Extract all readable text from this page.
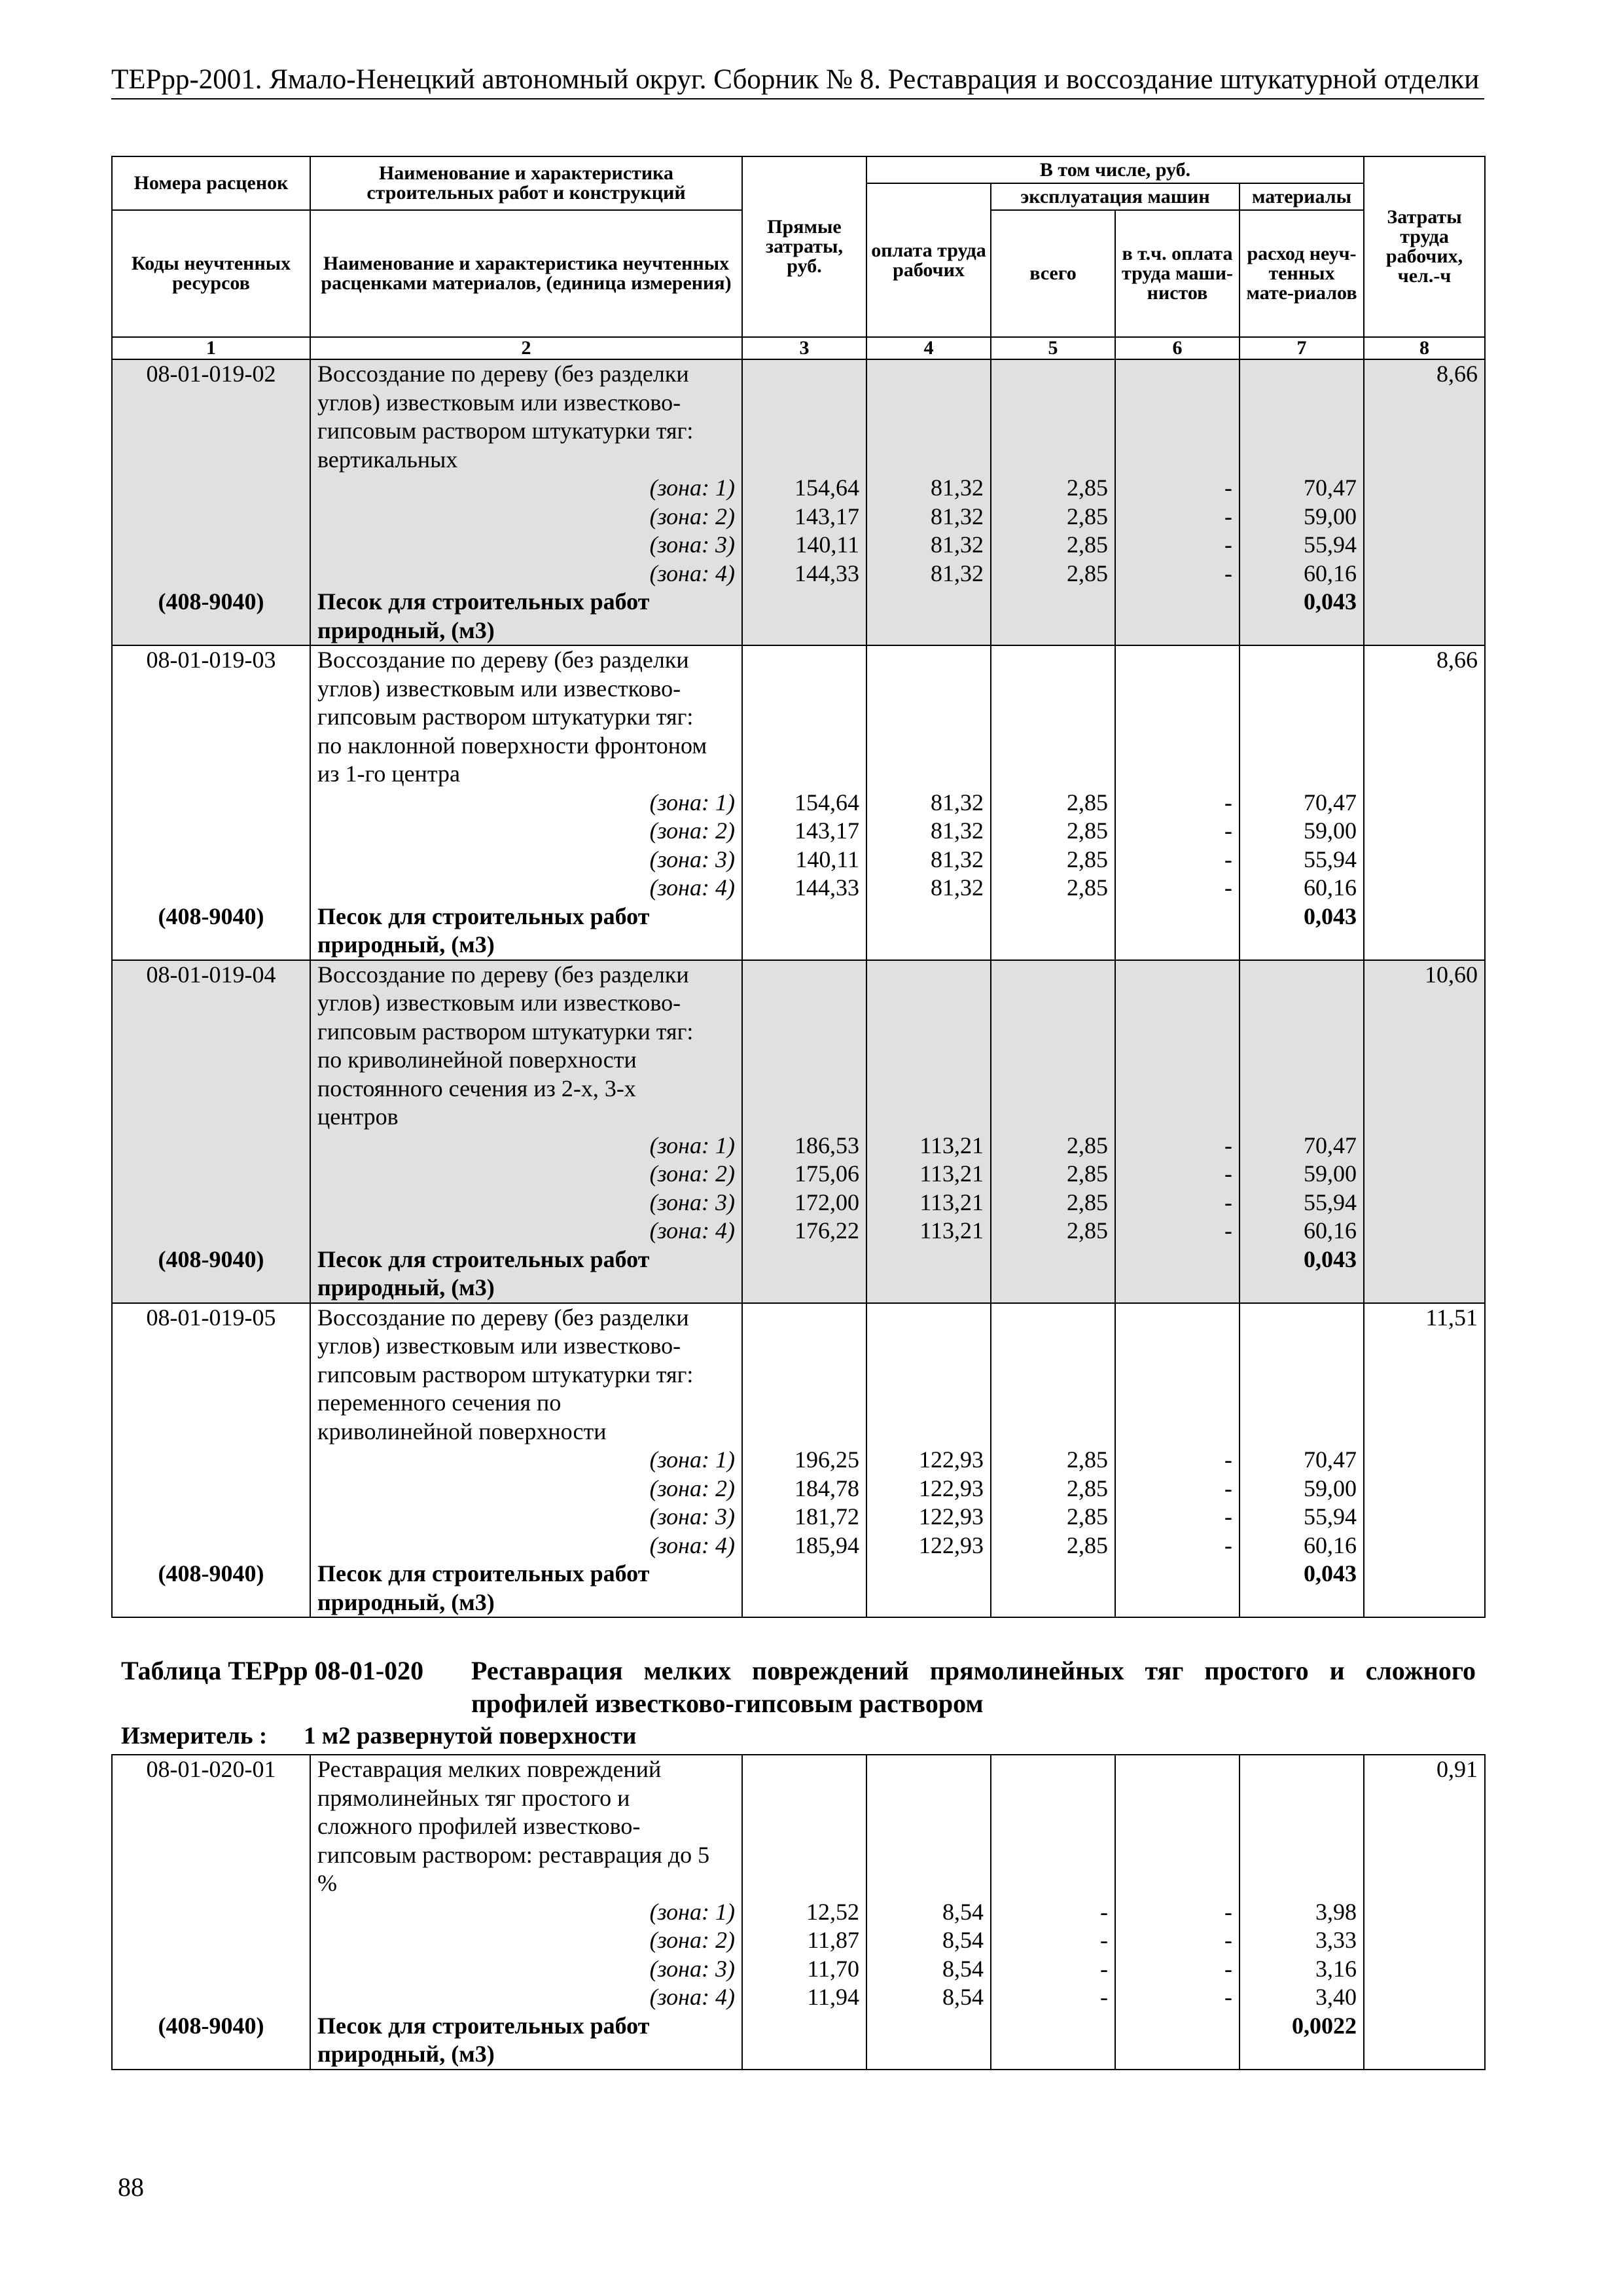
ТЕРрр-2001. Ямало-Ненецкий автономный округ. Сборник № 8. Реставрация и воссоздание штукатурной отделки
Номера расценок	Наименование и характеристика строительных работ и конструкций	Прямые затраты, руб.	В том числе, руб.				Затраты труда рабочих, чел.-ч
			оплата труда рабочих	эксплуатация машин		материалы	
Коды неучтенных ресурсов	Наименование и характеристика неучтенных расценками материалов, (единица измерения)			всего	в т.ч. оплата труда маши-нистов	расход неуч-тенных мате-риалов	
1	2	3	4	5	6	7	8
08-01-019-02	Воссоздание по дереву (без разделки						8,66
	углов) известковым или известково-						
	гипсовым раствором штукатурки тяг:						
	вертикальных						
	(зона: 1)	154,64	81,32	2,85	-	70,47	
	(зона: 2)	143,17	81,32	2,85	-	59,00	
	(зона: 3)	140,11	81,32	2,85	-	55,94	
	(зона: 4)	144,33	81,32	2,85	-	60,16	
(408-9040)	Песок для строительных работ					0,043	
	природный, (м3)						
08-01-019-03	Воссоздание по дереву (без разделки						8,66
	углов) известковым или известково-						
	гипсовым раствором штукатурки тяг:						
	по наклонной поверхности фронтоном						
	из 1-го центра						
	(зона: 1)	154,64	81,32	2,85	-	70,47	
	(зона: 2)	143,17	81,32	2,85	-	59,00	
	(зона: 3)	140,11	81,32	2,85	-	55,94	
	(зона: 4)	144,33	81,32	2,85	-	60,16	
(408-9040)	Песок для строительных работ					0,043	
	природный, (м3)						
08-01-019-04	Воссоздание по дереву (без разделки						10,60
	углов) известковым или известково-						
	гипсовым раствором штукатурки тяг:						
	по криволинейной поверхности						
	постоянного сечения из 2-х, 3-х						
	центров						
	(зона: 1)	186,53	113,21	2,85	-	70,47	
	(зона: 2)	175,06	113,21	2,85	-	59,00	
	(зона: 3)	172,00	113,21	2,85	-	55,94	
	(зона: 4)	176,22	113,21	2,85	-	60,16	
(408-9040)	Песок для строительных работ					0,043	
	природный, (м3)						
08-01-019-05	Воссоздание по дереву (без разделки						11,51
	углов) известковым или известково-						
	гипсовым раствором штукатурки тяг:						
	переменного сечения по						
	криволинейной поверхности						
	(зона: 1)	196,25	122,93	2,85	-	70,47	
	(зона: 2)	184,78	122,93	2,85	-	59,00	
	(зона: 3)	181,72	122,93	2,85	-	55,94	
	(зона: 4)	185,94	122,93	2,85	-	60,16	
(408-9040)	Песок для строительных работ					0,043	
	природный, (м3)						
Таблица ТЕРрр 08-01-020 Реставрация мелких повреждений прямолинейных тяг простого и сложного профилей известково-гипсовым раствором
Измеритель : 1 м2 развернутой поверхности
08-01-020-01	Реставрация мелких повреждений						0,91
	прямолинейных тяг простого и						
	сложного профилей известково-						
	гипсовым раствором: реставрация до 5						
	%						
	(зона: 1)	12,52	8,54	-	-	3,98	
	(зона: 2)	11,87	8,54	-	-	3,33	
	(зона: 3)	11,70	8,54	-	-	3,16	
	(зона: 4)	11,94	8,54	-	-	3,40	
(408-9040)	Песок для строительных работ					0,0022	
	природный, (м3)						
88
